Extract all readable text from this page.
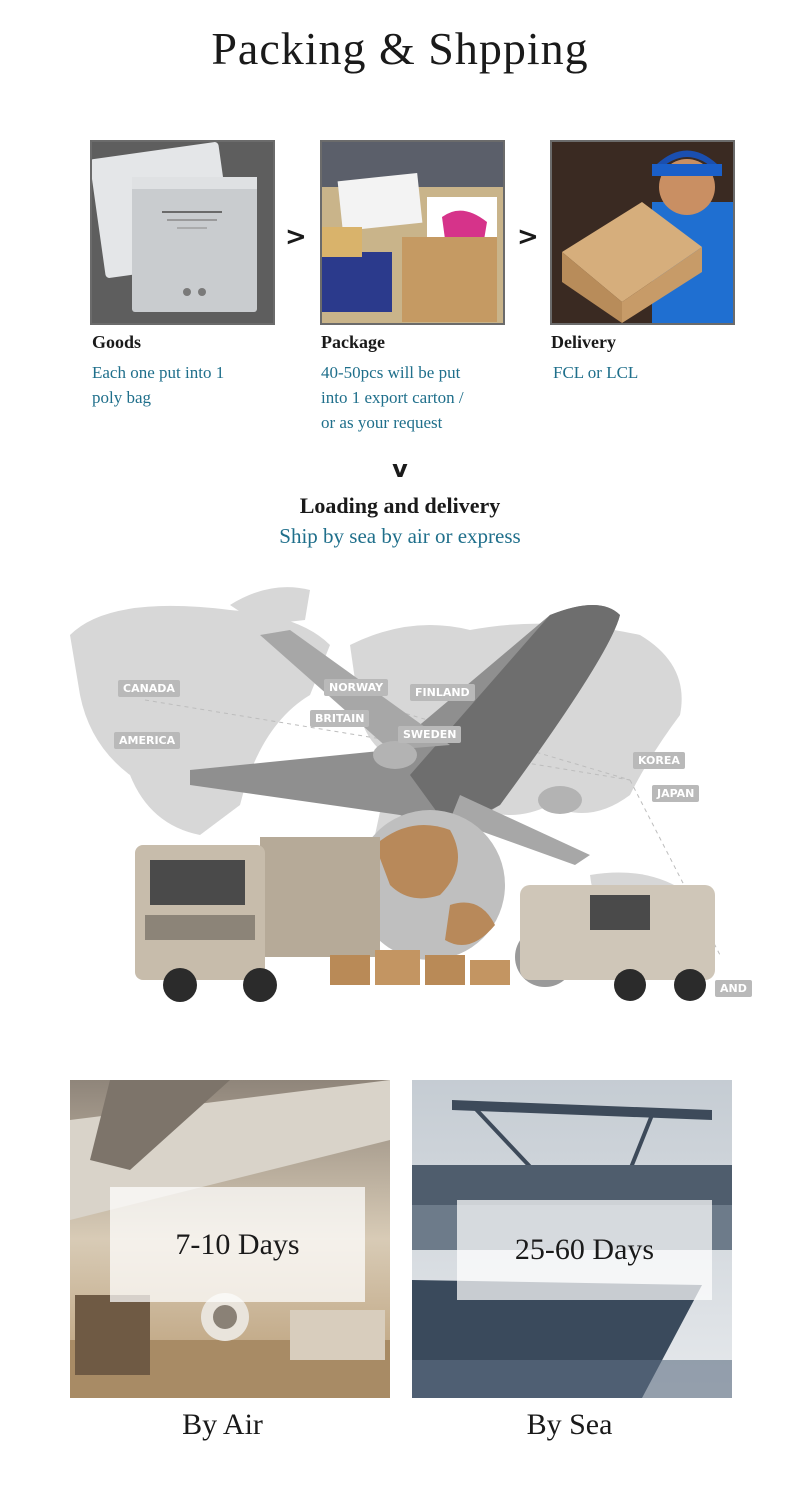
Packing & Shpping
>	>
Goods
Each one put into 1
poly bag
Package
40-50pcs will be put
into 1 export carton /
or as your request
Delivery
FCL or LCL
v
Loading and delivery
Ship by sea by air or express
CANADA	NORWAY	FINLAND
BRITAIN
SWEDEN
AMERICA
KOREA
JAPAN
AND
7-10 Days	25-60 Days
By Air	By Sea
